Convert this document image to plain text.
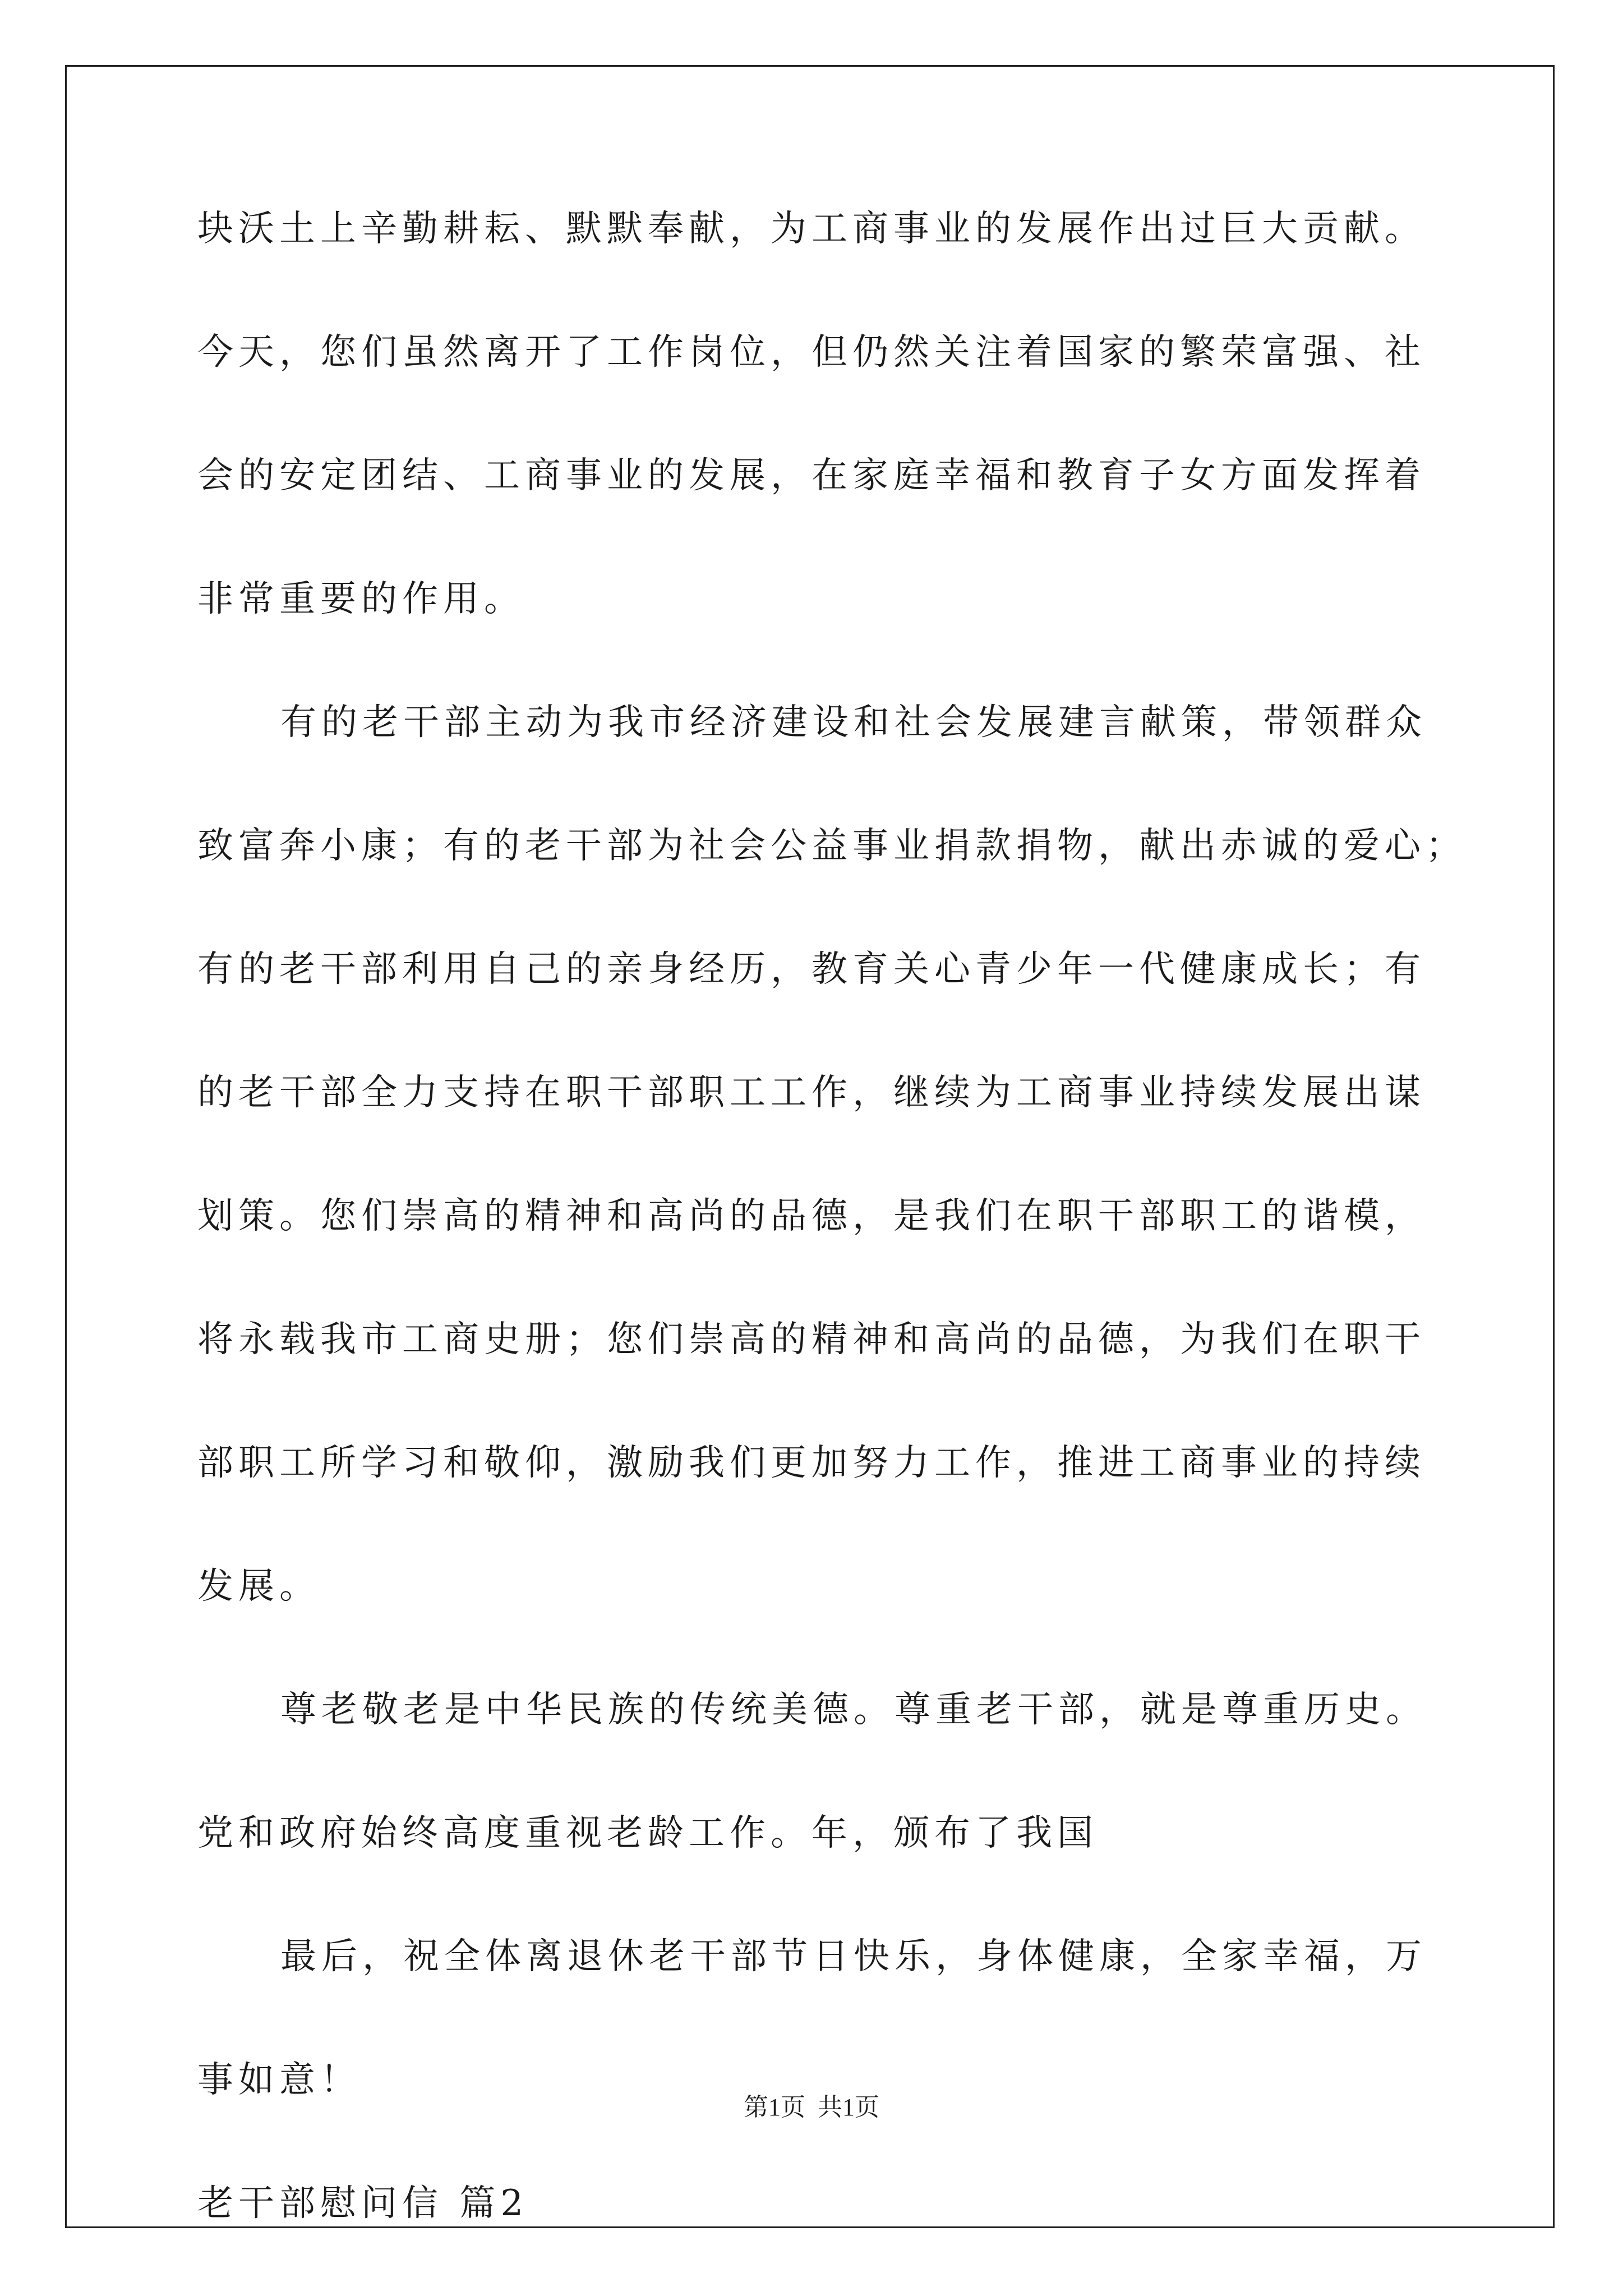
块沃土上辛勤耕耘、默默奉献，为工商事业的发展作出过巨大贡献。
今天，您们虽然离开了工作岗位，但仍然关注着国家的繁荣富强、社
会的安定团结、工商事业的发展，在家庭幸福和教育子女方面发挥着
非常重要的作用。
有的老干部主动为我市经济建设和社会发展建言献策，带领群众
致富奔小康；有的老干部为社会公益事业捐款捐物，献出赤诚的爱心；
有的老干部利用自己的亲身经历，教育关心青少年一代健康成长；有
的老干部全力支持在职干部职工工作，继续为工商事业持续发展出谋
划策。您们崇高的精神和高尚的品德，是我们在职干部职工的谐模，
将永载我市工商史册；您们崇高的精神和高尚的品德，为我们在职干
部职工所学习和敬仰，激励我们更加努力工作，推进工商事业的持续
发展。
尊老敬老是中华民族的传统美德。尊重老干部，就是尊重历史。
党和政府始终高度重视老龄工作。年，颁布了我国
最后，祝全体离退休老干部节日快乐，身体健康，全家幸福，万
事如意！
老干部慰问信 篇2
第1页  共1页
